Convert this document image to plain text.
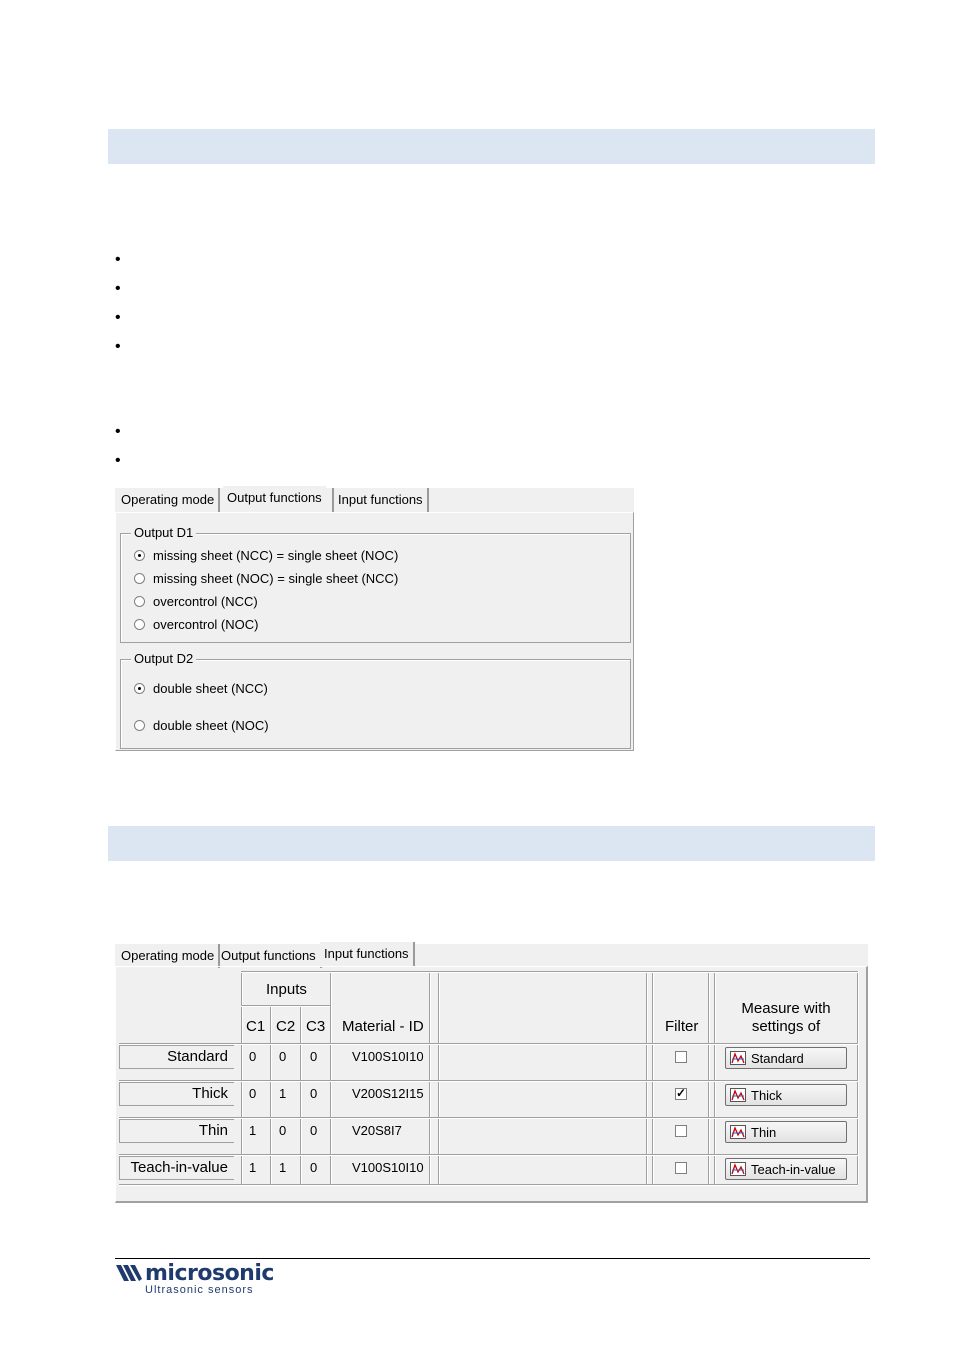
•
•
•
•
•
•
Operating mode Output functions	Input functions
Output D1
missing sheet (NCC) = single sheet (NOC)
missing sheet (NOC) = single sheet (NCC)
overcontrol (NCC)
overcontrol (NOC)
Output D2
double sheet (NCC)
double sheet (NOC)
Operating mode Output functions Input functions
Inputs
C1 C2 C3 Material - ID	Filter
Measure with
settings of
Standard	0 0 0	V100S10I10	Standard
Thick	0 1 0	V200S12I15
✓	Thick
Thin	1 0 0	V20S8I7	Thin
Teach-in-value	1 1 0	V100S10I10	Teach-in-value
microsonic
Ultrasonic sensors
